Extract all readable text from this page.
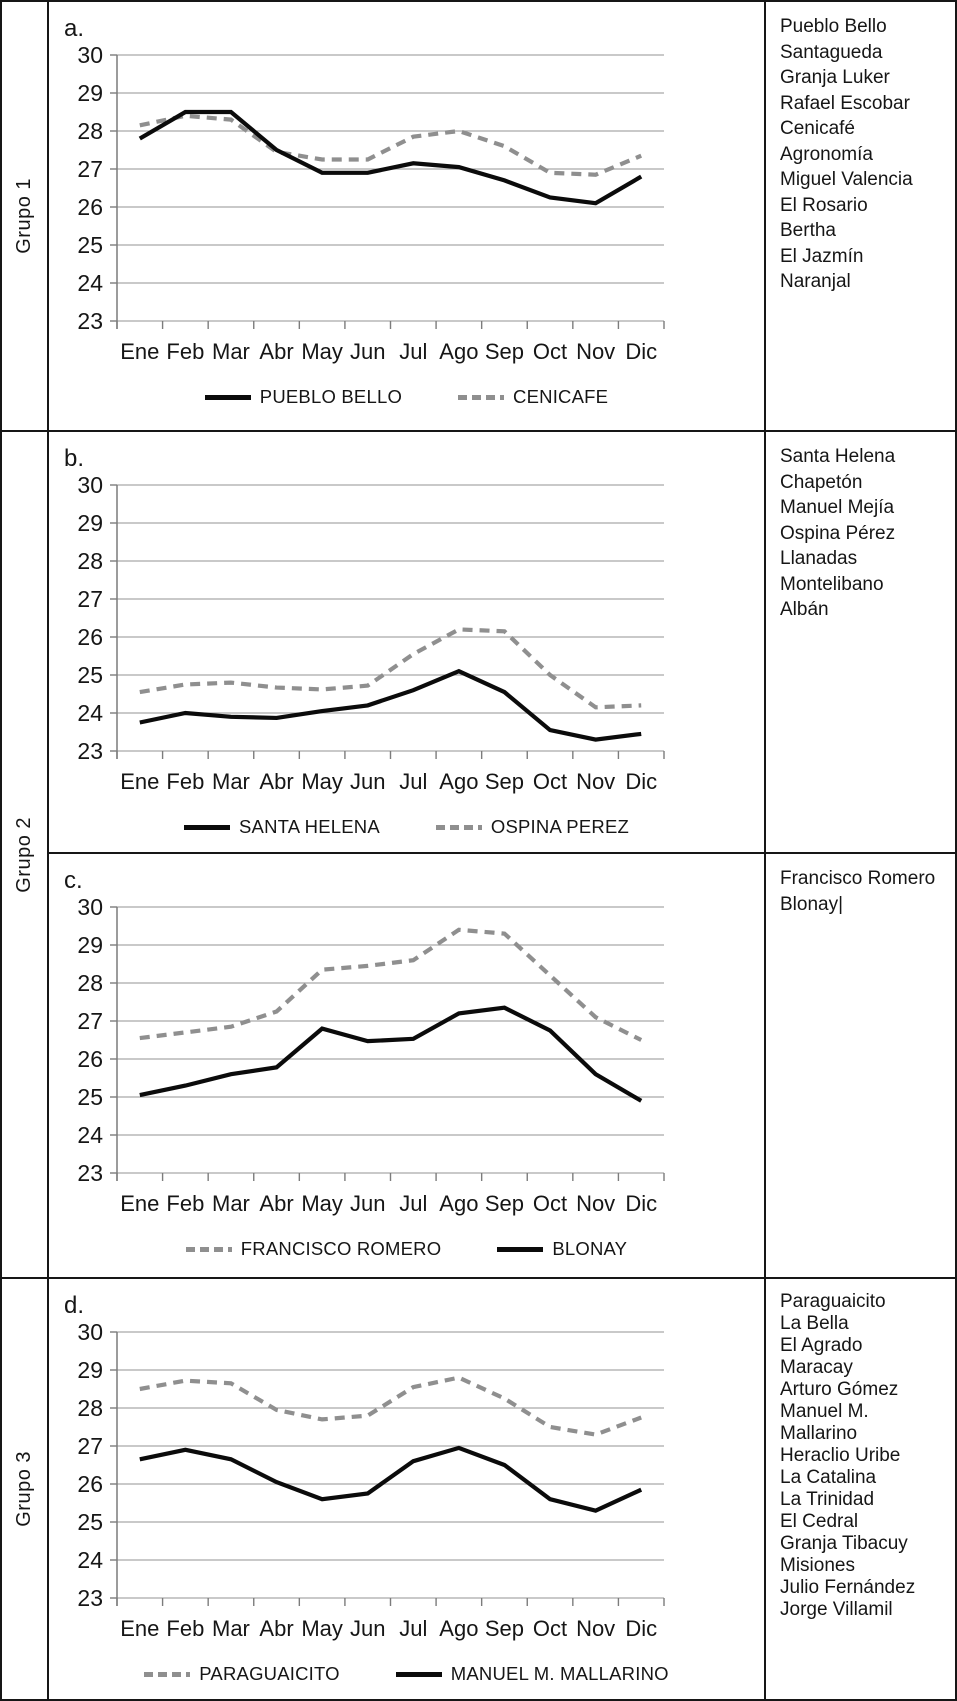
Grupo 1
Grupo 2
Grupo 3
a.
23
24
25
26
27
28
29
30
Ene Feb Mar Abr May Jun Jul Ago Sep Oct Nov Dic
PUEBLO BELLO	CENICAFE
b.
23
24
25
26
27
28
29
30
Ene Feb Mar Abr May Jun Jul Ago Sep Oct Nov Dic
SANTA HELENA	OSPINA PEREZ
c.
23
24
25
26
27
28
29
30
Ene Feb Mar Abr May Jun Jul Ago Sep Oct Nov Dic
FRANCISCO ROMERO	BLONAY
d.
23
24
25
26
27
28
29
30
Ene Feb Mar Abr May Jun Jul Ago Sep Oct Nov Dic
PARAGUAICITO	MANUEL M. MALLARINO
Pueblo Bello
Santagueda
Granja Luker
Rafael Escobar
Cenicafé
Agronomía
Miguel Valencia
El Rosario
Bertha
El Jazmín
Naranjal
Santa Helena
Chapetón
Manuel Mejía
Ospina Pérez
Llanadas
Montelibano
Albán
Francisco Romero
Blonay|
Paraguaicito
La Bella
El Agrado
Maracay
Arturo Gómez
Manuel M. Mallarino
Heraclio Uribe
La Catalina
La Trinidad
El Cedral
Granja Tibacuy
Misiones
Julio Fernández
Jorge Villamil
